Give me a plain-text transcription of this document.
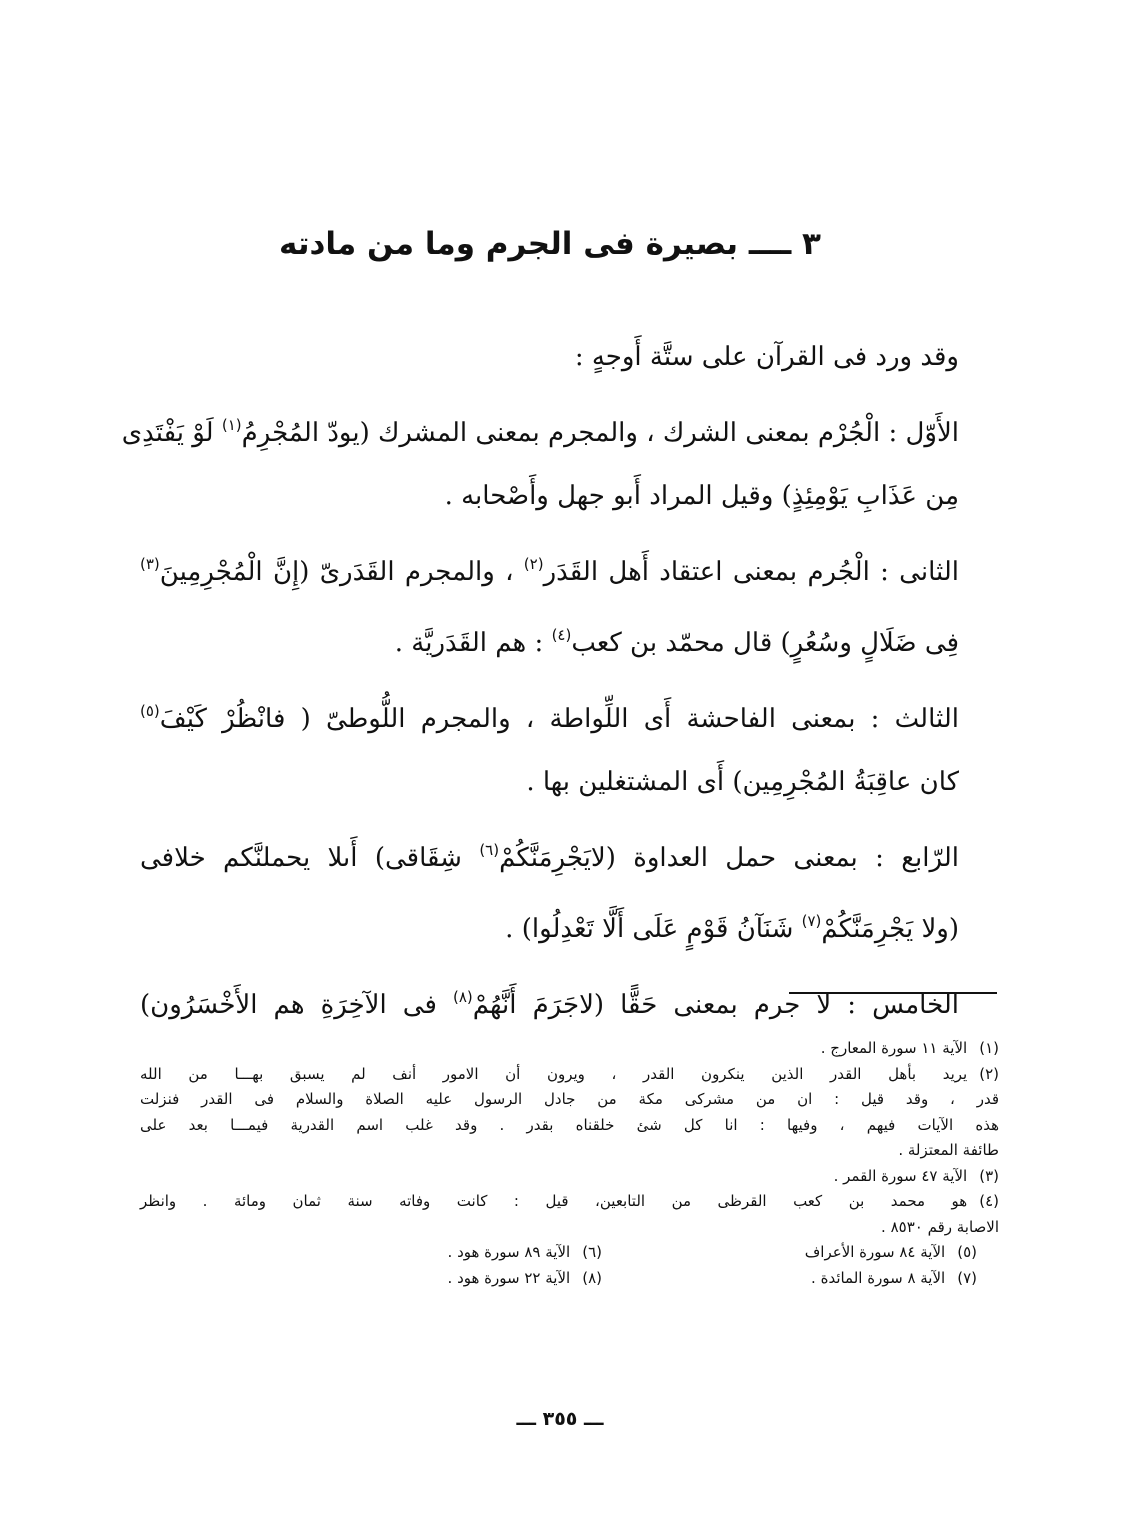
٣ ــــ بصيرة فى الجرم وما من مادته
وقد ورد فى القرآن على ستَّة أَوجهٍ :
الأَوّل : الْجُرْم بمعنى الشرك ، والمجرم بمعنى المشرك (يودّ المُجْرِمُ$^{(١)}$ لَوْ يَفْتَدِى
مِن عَذَابِ يَوْمِئِذٍ) وقيل المراد أَبو جهل وأَصْحابه .
الثانى : الْجُرم بمعنى اعتقاد أَهل القَدَر$^{(٢)}$ ، والمجرم القَدَرىّ (إِنَّ الْمُجْرِمِينَ$^{(٣)}$
فِى ضَلَالٍ وسُعُرٍ) قال محمّد بن كعب$^{(٤)}$ : هم القَدَريَّة .
الثالث : بمعنى الفاحشة أَى اللِّواطة ، والمجرم اللُّوطىّ ( فانْظُرْ كَيْفَ$^{(٥)}$
كان عاقِبَةُ المُجْرِمِين) أَى المشتغلين بها .
الرّابع : بمعنى حمل العداوة (لايَجْرِمَنَّكُمْ$^{(٦)}$ شِقَاقى) أَىلا يحملنَّكم خلافى
(ولا يَجْرِمَنَّكُمْ$^{(٧)}$ شَنَآنُ قَوْمٍ عَلَى أَلَّا تَعْدِلُوا) .
الخامس : لا جرم بمعنى حَقًّا (لاجَرَمَ أَنَّهُمْ$^{(٨)}$ فى الآخِرَةِ هم الأَخْسَرُون)
(١)الآية ١١ سورة المعارج .
(٢)يريد بأهل القدر الذين ينكرون القدر ، ويرون أن الامور أنف لم يسبق بهـــا من الله
قدر ، وقد قيل : ان من مشركى مكة من جادل الرسول عليه الصلاة والسلام فى القدر فنزلت
هذه الآيات فيهم ، وفيها : انا كل شئ خلقناه بقدر . وقد غلب اسم القدرية فيمـــا بعد على
طائفة المعتزلة .
(٣)الآية ٤٧ سورة القمر .
(٤)هو محمد بن كعب القرظى من التابعين، قيل : كانت وفاته سنة ثمان ومائة . وانظر
الاصابة رقم ٨٥٣٠ .
(٥)الآية ٨٤ سورة الأعراف
(٦)الآية ٨٩ سورة هود .
(٧)الآية ٨ سورة المائدة .
(٨)الآية ٢٢ سورة هود .
ـــ ٣٥٥ ـــ
